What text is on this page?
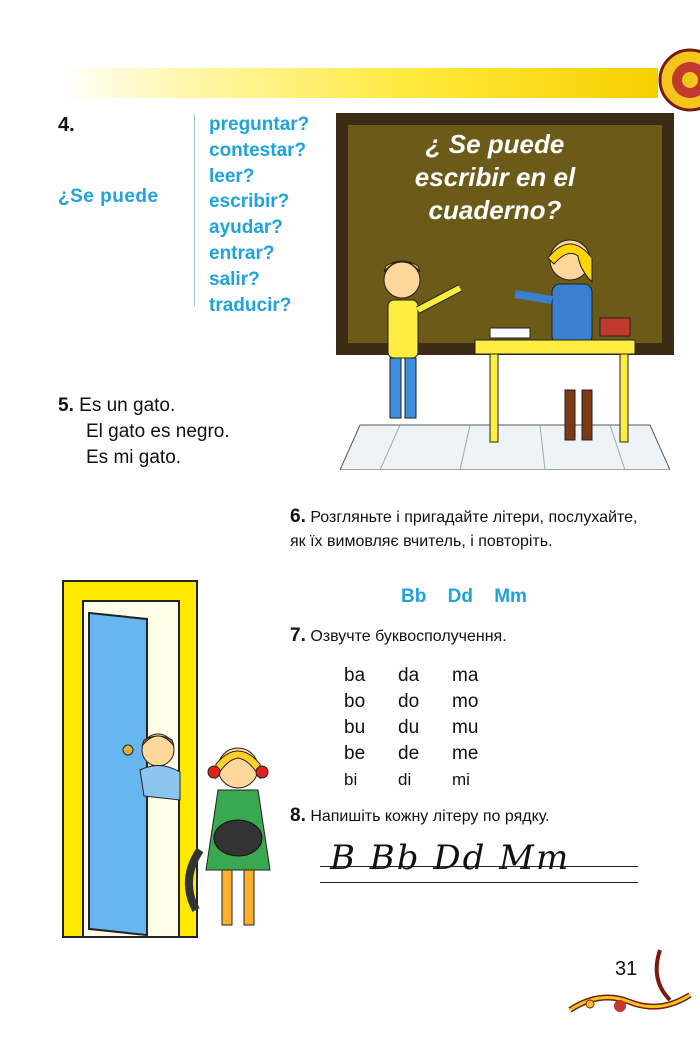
4.
¿Se puede
preguntar?
contestar?
leer?
escribir?
ayudar?
entrar?
salir?
traducir?
¿ Se puede
escribir en el
cuaderno?
5. Es un gato.
El gato es negro.
Es mi gato.
6. Розгляньте і пригадайте літери, послухайте, як їх вимовляє вчитель, і повторіть.
Bb Dd Mm
7. Озвучте буквосполучення.
ba	da	ma
bo	do	mo
bu	du	mu
be	de	me
bi	di	mi
8. Напишіть кожну літеру по рядку.
B Bb Dd Mm
31
